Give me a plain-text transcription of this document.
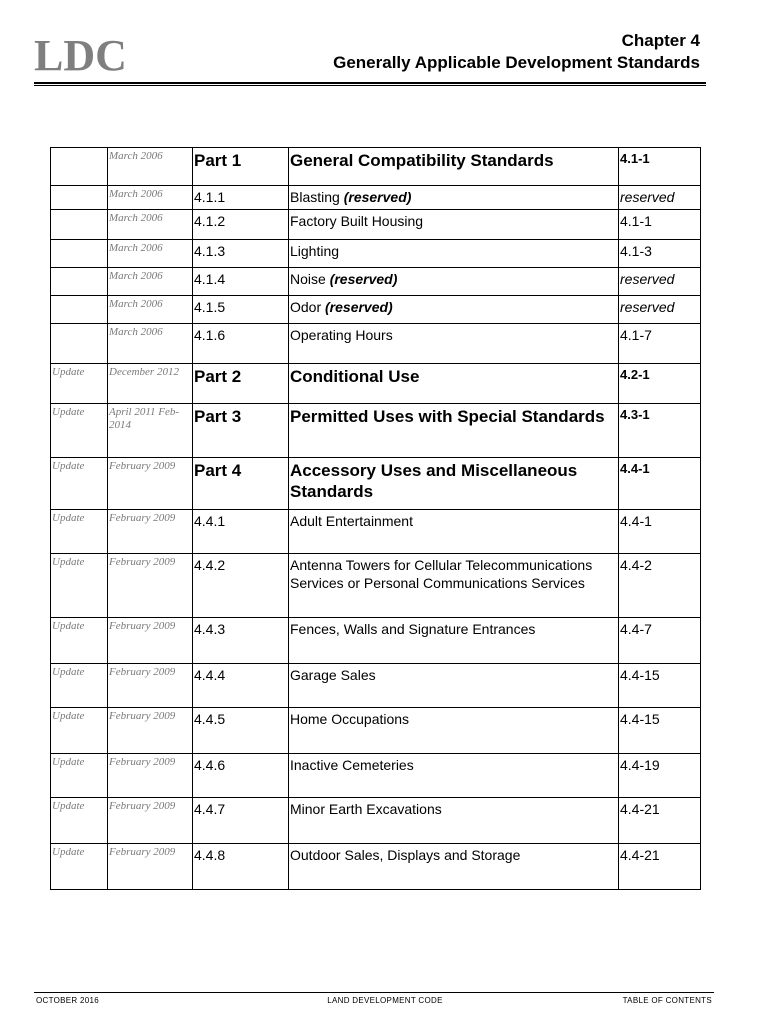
LDC	Chapter 4
Generally Applicable Development Standards
	March 2006	Part 1	General Compatibility Standards	4.1-1
	March 2006	4.1.1	Blasting (reserved)	reserved
	March 2006	4.1.2	Factory Built Housing	4.1-1
	March 2006	4.1.3	Lighting	4.1-3
	March 2006	4.1.4	Noise (reserved)	reserved
	March 2006	4.1.5	Odor (reserved)	reserved
	March 2006	4.1.6	Operating Hours	4.1-7
Update	December 2012	Part 2	Conditional Use	4.2-1
Update	April 2011 Feb-2014	Part 3	Permitted Uses with Special Standards	4.3-1
Update	February 2009	Part 4	Accessory Uses and Miscellaneous Standards	4.4-1
Update	February 2009	4.4.1	Adult Entertainment	4.4-1
Update	February 2009	4.4.2	Antenna Towers for Cellular Telecommunications Services or Personal Communications Services	4.4-2
Update	February 2009	4.4.3	Fences, Walls and Signature Entrances	4.4-7
Update	February 2009	4.4.4	Garage Sales	4.4-15
Update	February 2009	4.4.5	Home Occupations	4.4-15
Update	February 2009	4.4.6	Inactive Cemeteries	4.4-19
Update	February 2009	4.4.7	Minor Earth Excavations	4.4-21
Update	February 2009	4.4.8	Outdoor Sales, Displays and Storage	4.4-21
OCTOBER 2016	LAND DEVELOPMENT CODE	TABLE OF CONTENTS
